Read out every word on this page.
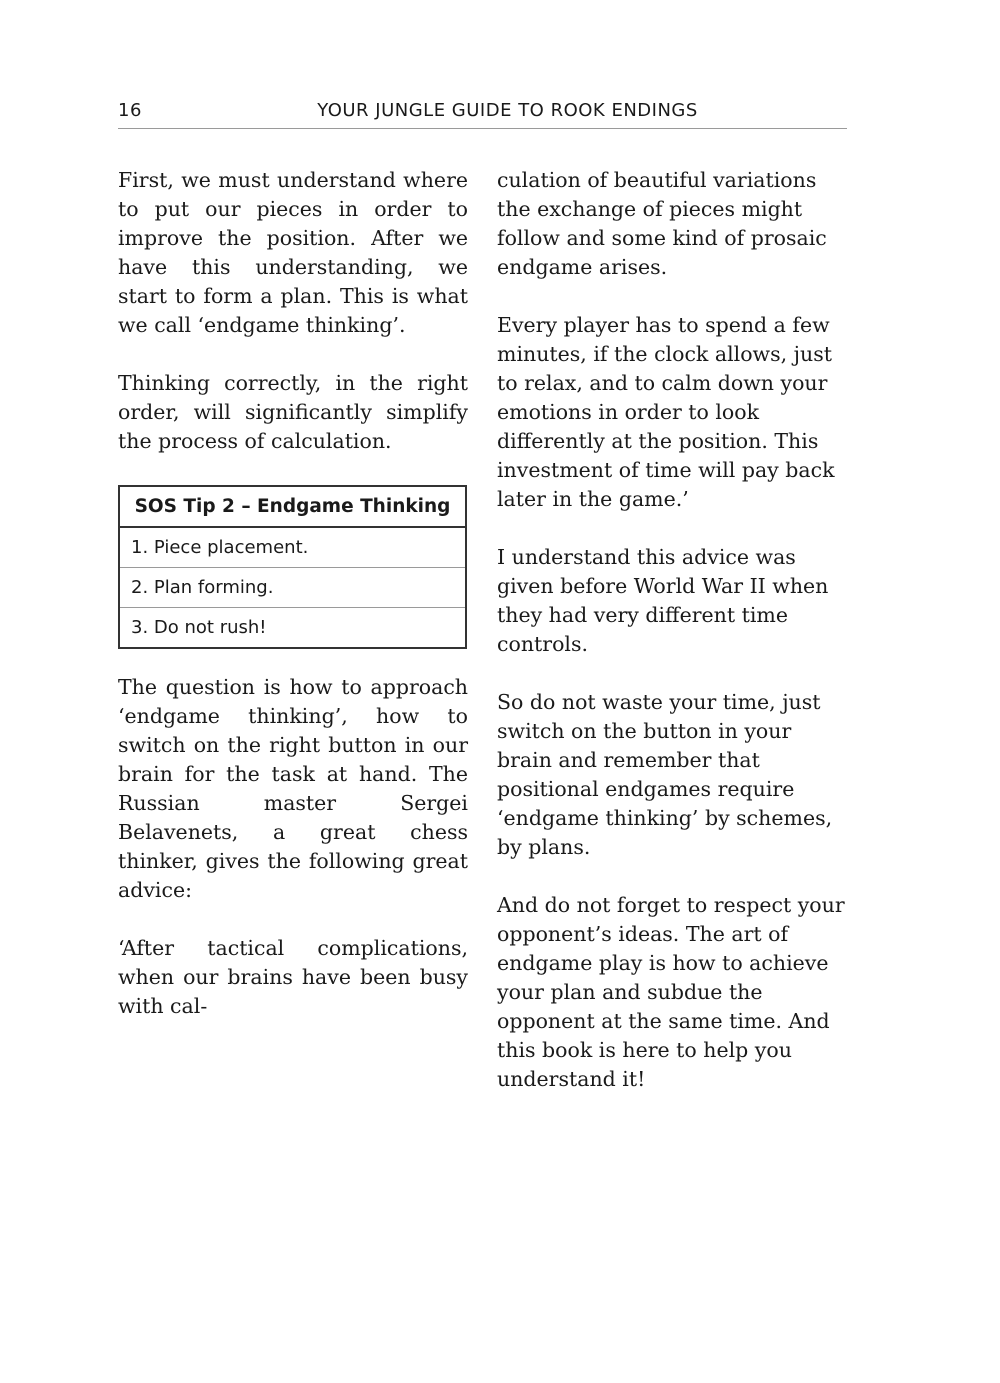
16	YOUR JUNGLE GUIDE TO ROOK ENDINGS

First, we must understand where to put our pieces in order to improve the position. After we have this understanding, we start to form a plan. This is what we call ‘endgame thinking’.

Thinking correctly, in the right order, will significantly simplify the process of calculation.

SOS Tip 2 – Endgame Thinking
1. Piece placement.
2. Plan forming.
3. Do not rush!

The question is how to approach ‘endgame thinking’, how to switch on the right button in our brain for the task at hand. The Russian master Sergei Belavenets, a great chess thinker, gives the following great advice:

‘After tactical complications, when our brains have been busy with cal-

culation of beautiful variations the exchange of pieces might follow and some kind of prosaic endgame arises.

Every player has to spend a few minutes, if the clock allows, just to relax, and to calm down your emotions in order to look differently at the position. This investment of time will pay back later in the game.’

I understand this advice was given before World War II when they had very different time controls.

So do not waste your time, just switch on the button in your brain and remember that positional endgames require ‘endgame thinking’ by schemes, by plans.

And do not forget to respect your opponent’s ideas. The art of endgame play is how to achieve your plan and subdue the opponent at the same time. And this book is here to help you understand it!
